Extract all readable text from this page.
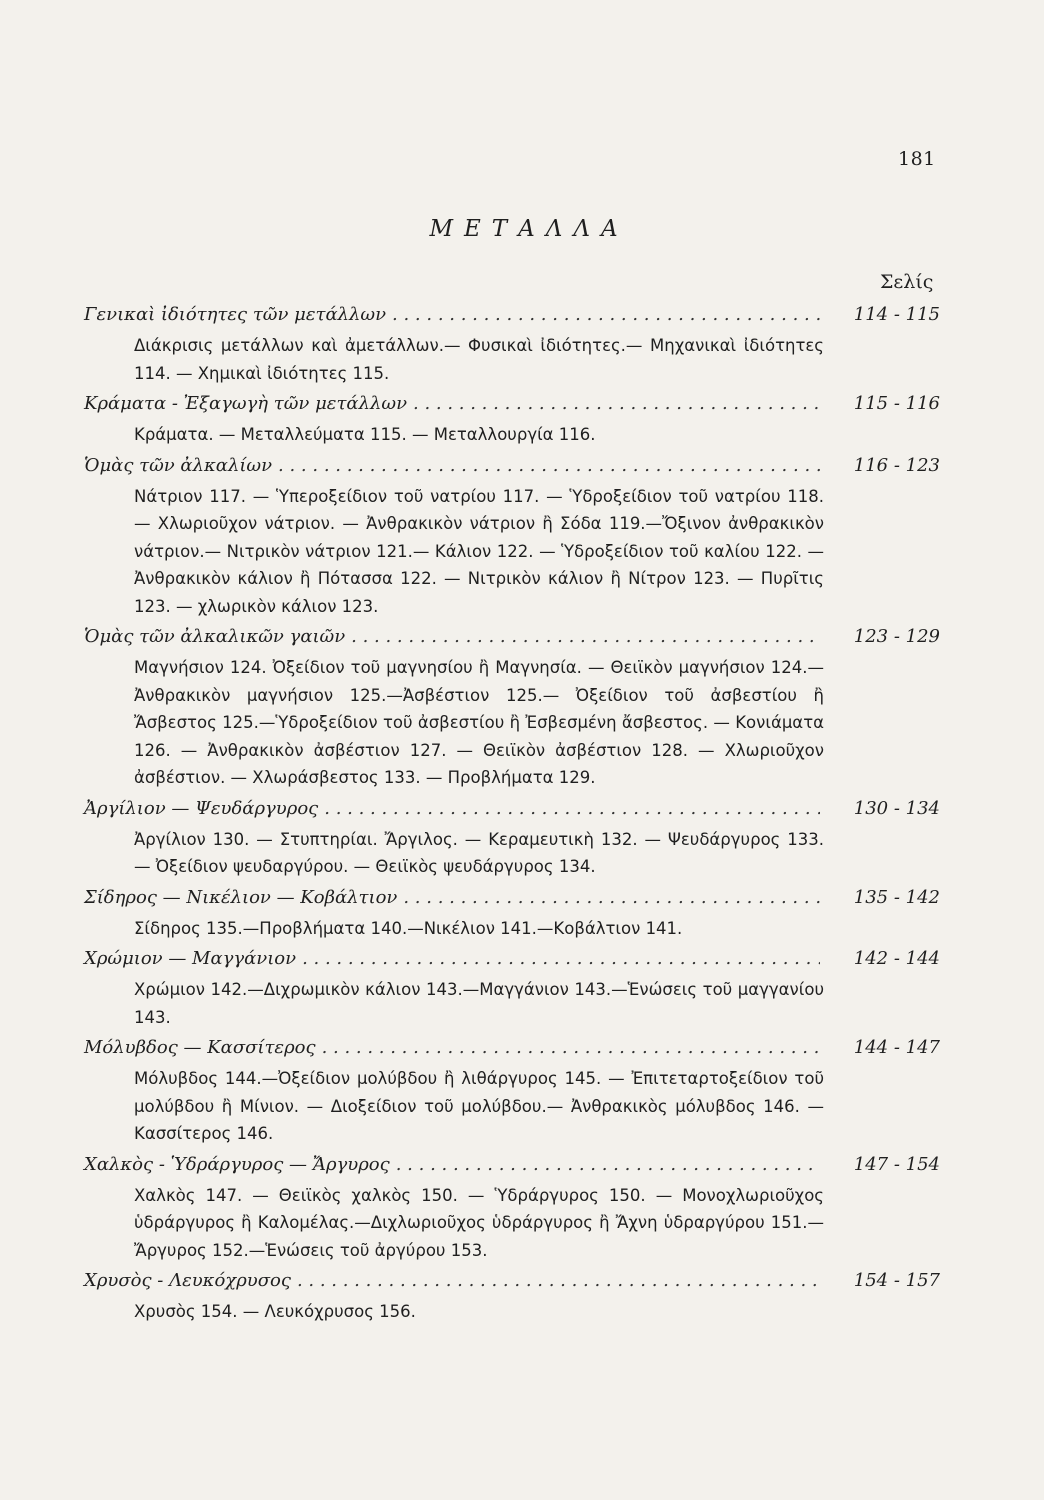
181
ΜΕΤΑΛΛΑ
Σελίς
Γενικαὶ ἰδιότητες τῶν μετάλλων . . .	114 - 115
Διάκρισις μετάλλων καὶ ἀμετάλλων.— Φυσικαὶ ἰδιότητες.— Μηχανικαὶ ἰδιότητες 114. — Χημικαὶ ἰδιότητες 115.
Κράματα - Ἐξαγωγὴ τῶν μετάλλων . . .	115 - 116
Κράματα. — Μεταλλεύματα 115. — Μεταλλουργία 116.
Ὁμὰς τῶν ἀλκαλίων . . .	116 - 123
Νάτριον 117. — Ὑπεροξείδιον τοῦ νατρίου 117. — Ὑδροξείδιον τοῦ νατρίου 118. — Χλωριοῦχον νάτριον. — Ἀνθρακικὸν νάτριον ἢ Σόδα 119.—Ὄξινον ἀνθρακικὸν νάτριον.— Νιτρικὸν νάτριον 121.— Κάλιον 122. — Ὑδροξείδιον τοῦ καλίου 122. — Ἀνθρακικὸν κάλιον ἢ Πότασσα 122. — Νιτρικὸν κάλιον ἢ Νίτρον 123. — Πυρῖτις 123. — χλωρικὸν κάλιον 123.
Ὁμὰς τῶν ἀλκαλικῶν γαιῶν . . .	123 - 129
Μαγνήσιον 124. Ὀξείδιον τοῦ μαγνησίου ἢ Μαγνησία. — Θειϊκὸν μαγνήσιον 124.—Ἀνθρακικὸν μαγνήσιον 125.—Ἀσβέστιον 125.— Ὀξείδιον τοῦ ἀσβεστίου ἢ Ἄσβεστος 125.—Ὑδροξείδιον τοῦ ἀσβεστίου ἢ Ἐσβεσμένη ἄσβεστος. — Κονιάματα 126. — Ἀνθρακικὸν ἀσβέστιον 127. — Θειϊκὸν ἀσβέστιον 128. — Χλωριοῦχον ἀσβέστιον. — Χλωράσβεστος 133. — Προβλήματα 129.
Ἀργίλιον — Ψευδάργυρος . . .	130 - 134
Ἀργίλιον 130. — Στυπτηρίαι. Ἄργιλος. — Κεραμευτικὴ 132. — Ψευδάργυρος 133. — Ὀξείδιον ψευδαργύρου. — Θειϊκὸς ψευδάργυρος 134.
Σίδηρος — Νικέλιον — Κοβάλτιον . . .	135 - 142
Σίδηρος 135.—Προβλήματα 140.—Νικέλιον 141.—Κοβάλτιον 141.
Χρώμιον — Μαγγάνιον . . .	142 - 144
Χρώμιον 142.—Διχρωμικὸν κάλιον 143.—Μαγγάνιον 143.—Ἑνώσεις τοῦ μαγγανίου 143.
Μόλυβδος — Κασσίτερος . . .	144 - 147
Μόλυβδος 144.—Ὀξείδιον μολύβδου ἢ λιθάργυρος 145. — Ἐπιτεταρτοξείδιον τοῦ μολύβδου ἢ Μίνιον. — Διοξείδιον τοῦ μολύβδου.— Ἀνθρακικὸς μόλυβδος 146. — Κασσίτερος 146.
Χαλκὸς - Ὑδράργυρος — Ἄργυρος . . .	147 - 154
Χαλκὸς 147. — Θειϊκὸς χαλκὸς 150. — Ὑδράργυρος 150. — Μονοχλωριοῦχος ὑδράργυρος ἢ Καλομέλας.—Διχλωριοῦχος ὑδράργυρος ἢ Ἄχνη ὑδραργύρου 151.—Ἄργυρος 152.—Ἑνώσεις τοῦ ἀργύρου 153.
Χρυσὸς - Λευκόχρυσος . . .	154 - 157
Χρυσὸς 154. — Λευκόχρυσος 156.
